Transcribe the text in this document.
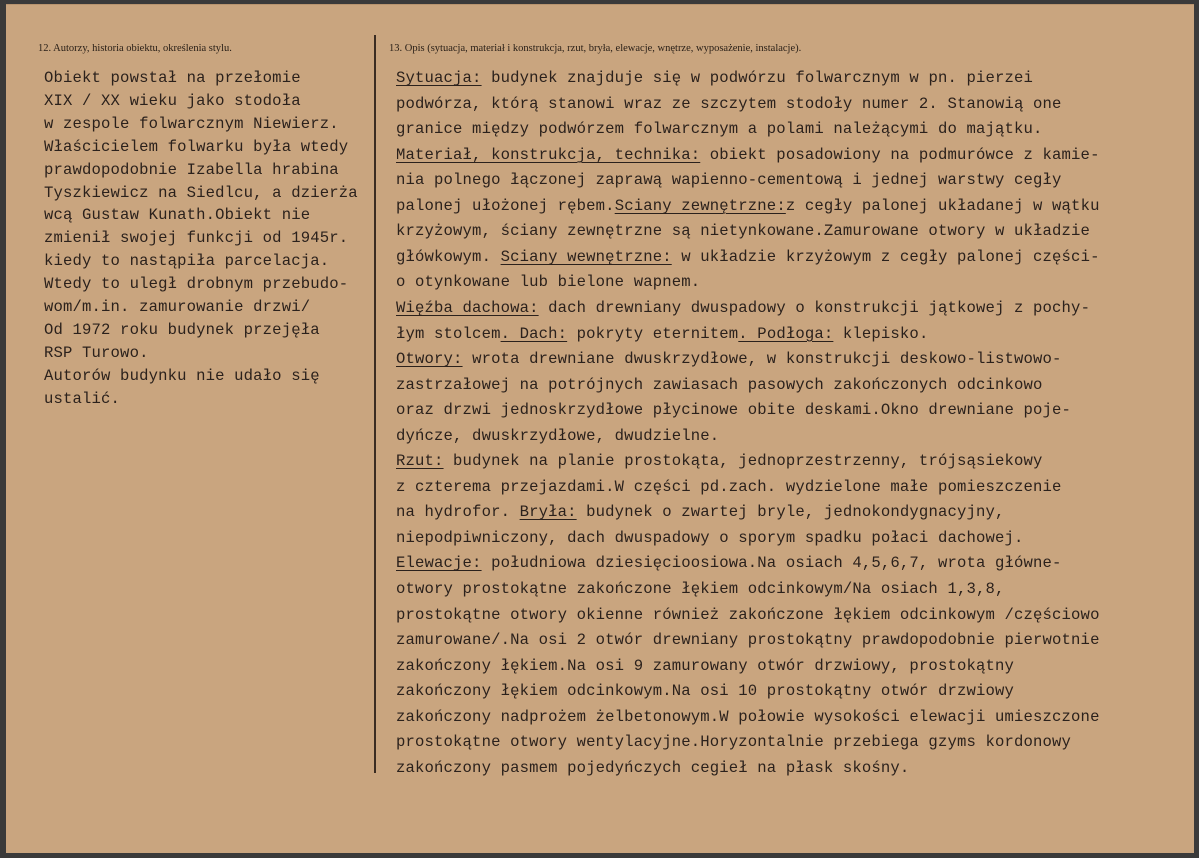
12. Autorzy, historia obiektu, określenia stylu.	13. Opis (sytuacja, materiał i konstrukcja, rzut, bryła, elewacje, wnętrze, wyposażenie, instalacje).
Obiekt powstał na przełomie
XIX / XX wieku jako stodoła
w zespole folwarcznym Niewierz.
Właścicielem folwarku była wtedy
prawdopodobnie Izabella hrabina
Tyszkiewicz na Siedlcu, a dzierża
wcą Gustaw Kunath.Obiekt nie
zmienił swojej funkcji od 1945r.
kiedy to nastąpiła parcelacja.
Wtedy to uległ drobnym przebudo-
wom/m.in. zamurowanie drzwi/
Od 1972 roku budynek przejęła
RSP Turowo.
Autorów budynku nie udało się
ustalić.
Sytuacja: budynek znajduje się w podwórzu folwarcznym w pn. pierzei
podwórza, którą stanowi wraz ze szczytem stodoły numer 2. Stanowią one
granice między podwórzem folwarcznym a polami należącymi do majątku.
Materiał, konstrukcja, technika: obiekt posadowiony na podmurówce z kamie-
nia polnego łączonej zaprawą wapienno-cementową i jednej warstwy cegły
palonej ułożonej rębem.Sciany zewnętrzne:z cegły palonej układanej w wątku
krzyżowym, ściany zewnętrzne są nietynkowane.Zamurowane otwory w układzie
główkowym. Sciany wewnętrzne: w układzie krzyżowym z cegły palonej części-
o otynkowane lub bielone wapnem.
Więźba dachowa: dach drewniany dwuspadowy o konstrukcji jątkowej z pochy-
łym stolcem. Dach: pokryty eternitem. Podłoga: klepisko.
Otwory: wrota drewniane dwuskrzydłowe, w konstrukcji deskowo-listwowo-
zastrzałowej na potrójnych zawiasach pasowych zakończonych odcinkowo
oraz drzwi jednoskrzydłowe płycinowe obite deskami.Okno drewniane poje-
dyńcze, dwuskrzydłowe, dwudzielne.
Rzut: budynek na planie prostokąta, jednoprzestrzenny, trójsąsiekowy
z czterema przejazdami.W części pd.zach. wydzielone małe pomieszczenie
na hydrofor. Bryła: budynek o zwartej bryle, jednokondygnacyjny,
niepodpiwniczony, dach dwuspadowy o sporym spadku połaci dachowej.
Elewacje: południowa dziesięcioosiowa.Na osiach 4,5,6,7, wrota główne-
otwory prostokątne zakończone łękiem odcinkowym/Na osiach 1,3,8,
prostokątne otwory okienne również zakończone łękiem odcinkowym /częściowo
zamurowane/.Na osi 2 otwór drewniany prostokątny prawdopodobnie pierwotnie
zakończony łękiem.Na osi 9 zamurowany otwór drzwiowy, prostokątny
zakończony łękiem odcinkowym.Na osi 10 prostokątny otwór drzwiowy
zakończony nadprożem żelbetonowym.W połowie wysokości elewacji umieszczone
prostokątne otwory wentylacyjne.Horyzontalnie przebiega gzyms kordonowy
zakończony pasmem pojedyńczych cegieł na płask skośny.
